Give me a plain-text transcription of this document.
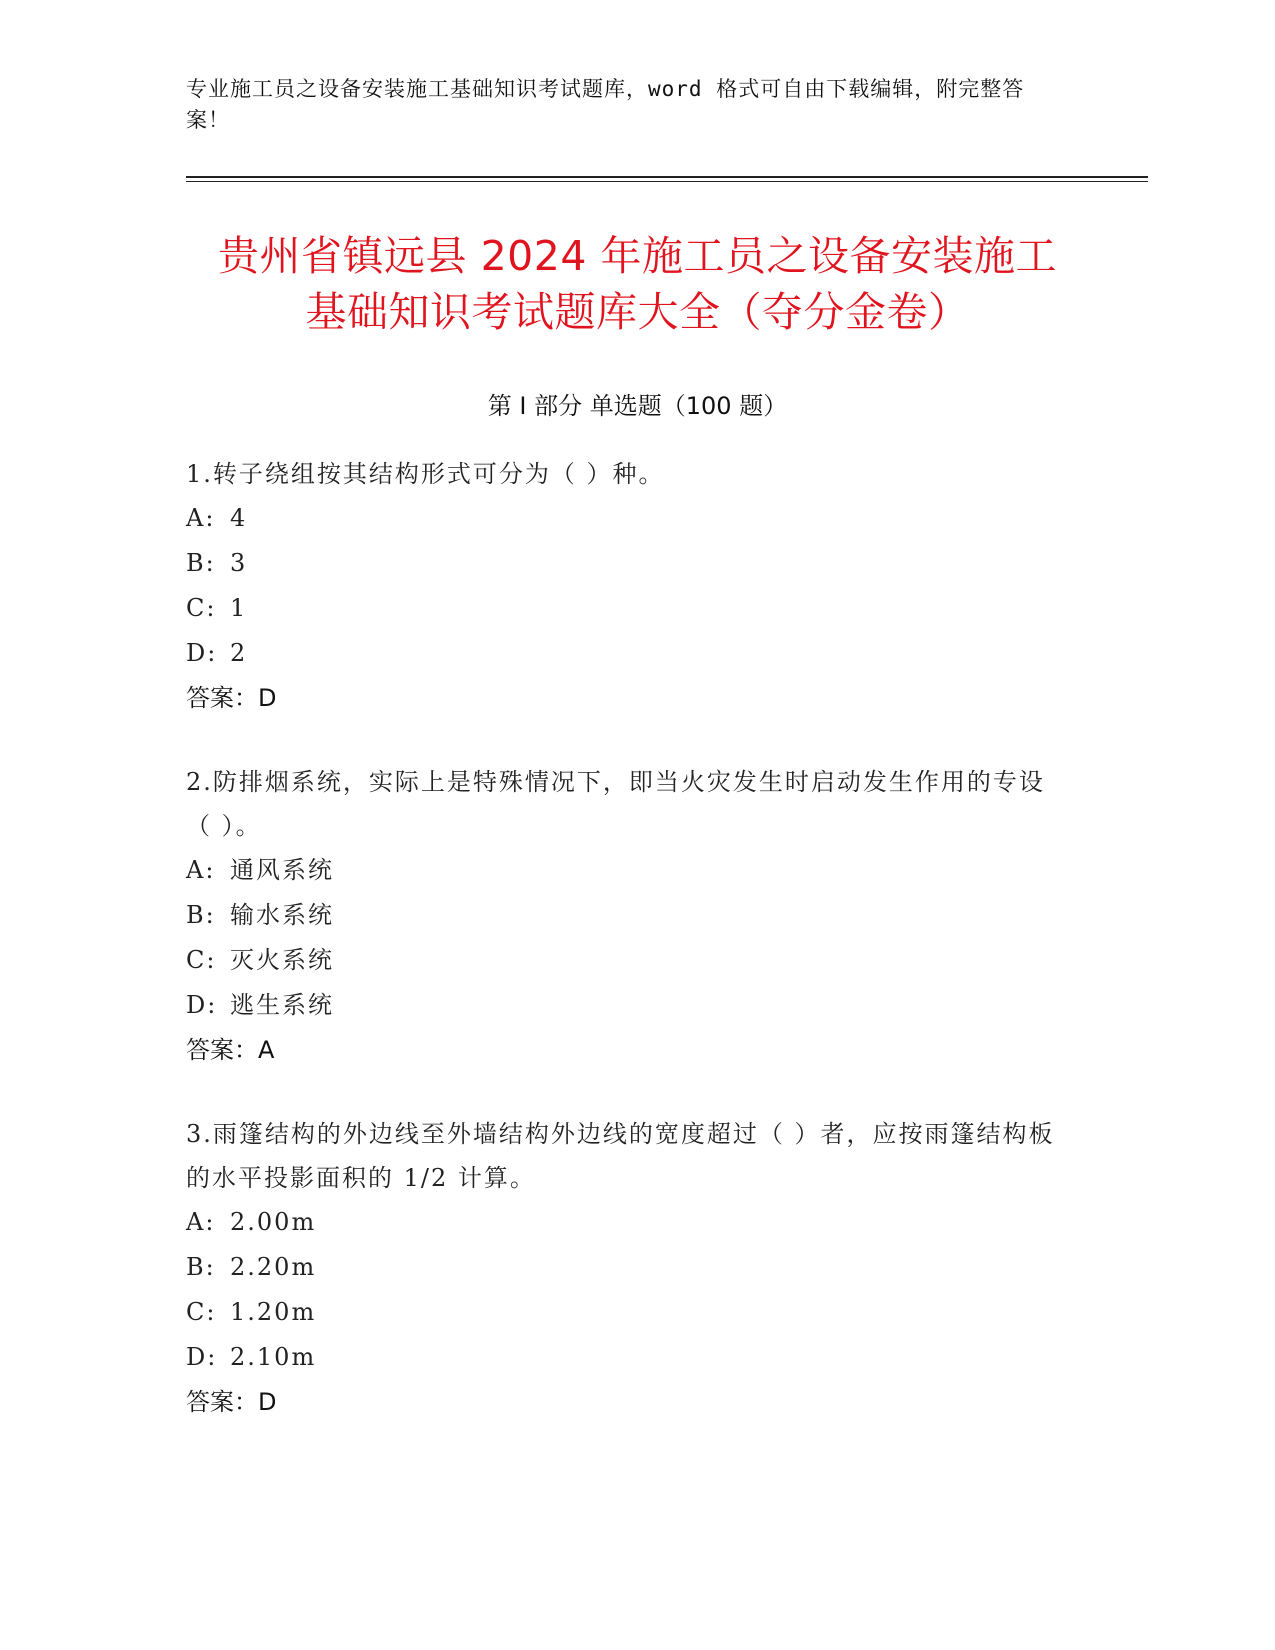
专业施工员之设备安装施工基础知识考试题库，word 格式可自由下载编辑，附完整答案！
贵州省镇远县 2024 年施工员之设备安装施工
基础知识考试题库大全（夺分金卷）
第 I 部分 单选题（100 题）
1.转子绕组按其结构形式可分为（ ）种。
A: 4
B: 3
C: 1
D: 2
答案：D
2.防排烟系统，实际上是特殊情况下，即当火灾发生时启动发生作用的专设（ ）。
A: 通风系统
B: 输水系统
C: 灭火系统
D: 逃生系统
答案：A
3.雨篷结构的外边线至外墙结构外边线的宽度超过（ ）者，应按雨篷结构板的水平投影面积的 1/2 计算。
A: 2.00m
B: 2.20m
C: 1.20m
D: 2.10m
答案：D
